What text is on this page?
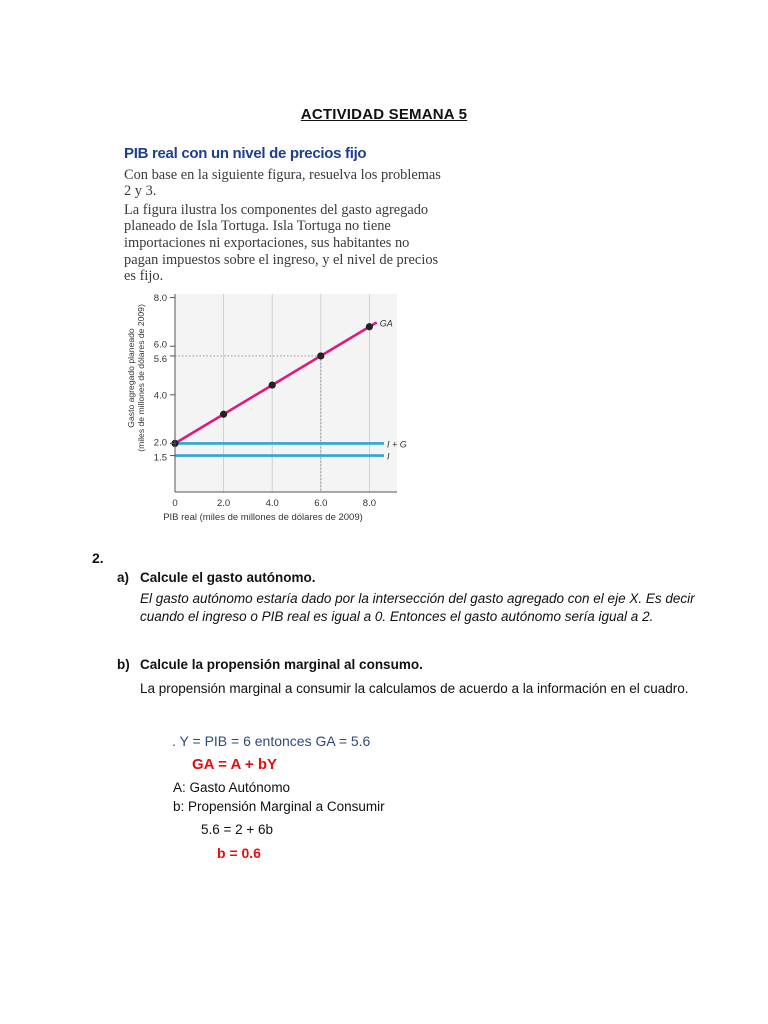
ACTIVIDAD SEMANA 5
PIB real con un nivel de precios fijo

Con base en la siguiente figura, resuelva los problemas 2 y 3.

La figura ilustra los componentes del gasto agregado planeado de Isla Tortuga. Isla Tortuga no tiene importaciones ni exportaciones, sus habitantes no pagan impuestos sobre el ingreso, y el nivel de precios es fijo.

1.5
2.0
4.0
5.6
6.0
8.0
0	2.0	4.0	6.0	8.0
GA
I + G
I
PIB real (miles de millones de dólares de 2009)
Gasto agregado planeado(miles de millones de dólares de 2009)
2.
a) Calcule el gasto autónomo.
El gasto autónomo estaría dado por la intersección del gasto agregado con el eje X. Es decir cuando el ingreso o PIB real es igual a 0. Entonces el gasto autónomo sería igual a 2.
b) Calcule la propensión marginal al consumo.
La propensión marginal a consumir la calculamos de acuerdo a la información en el cuadro.
. Y = PIB = 6 entonces GA = 5.6
GA = A + bY
A: Gasto Autónomo
b: Propensión Marginal a Consumir
5.6 = 2 + 6b
b = 0.6
